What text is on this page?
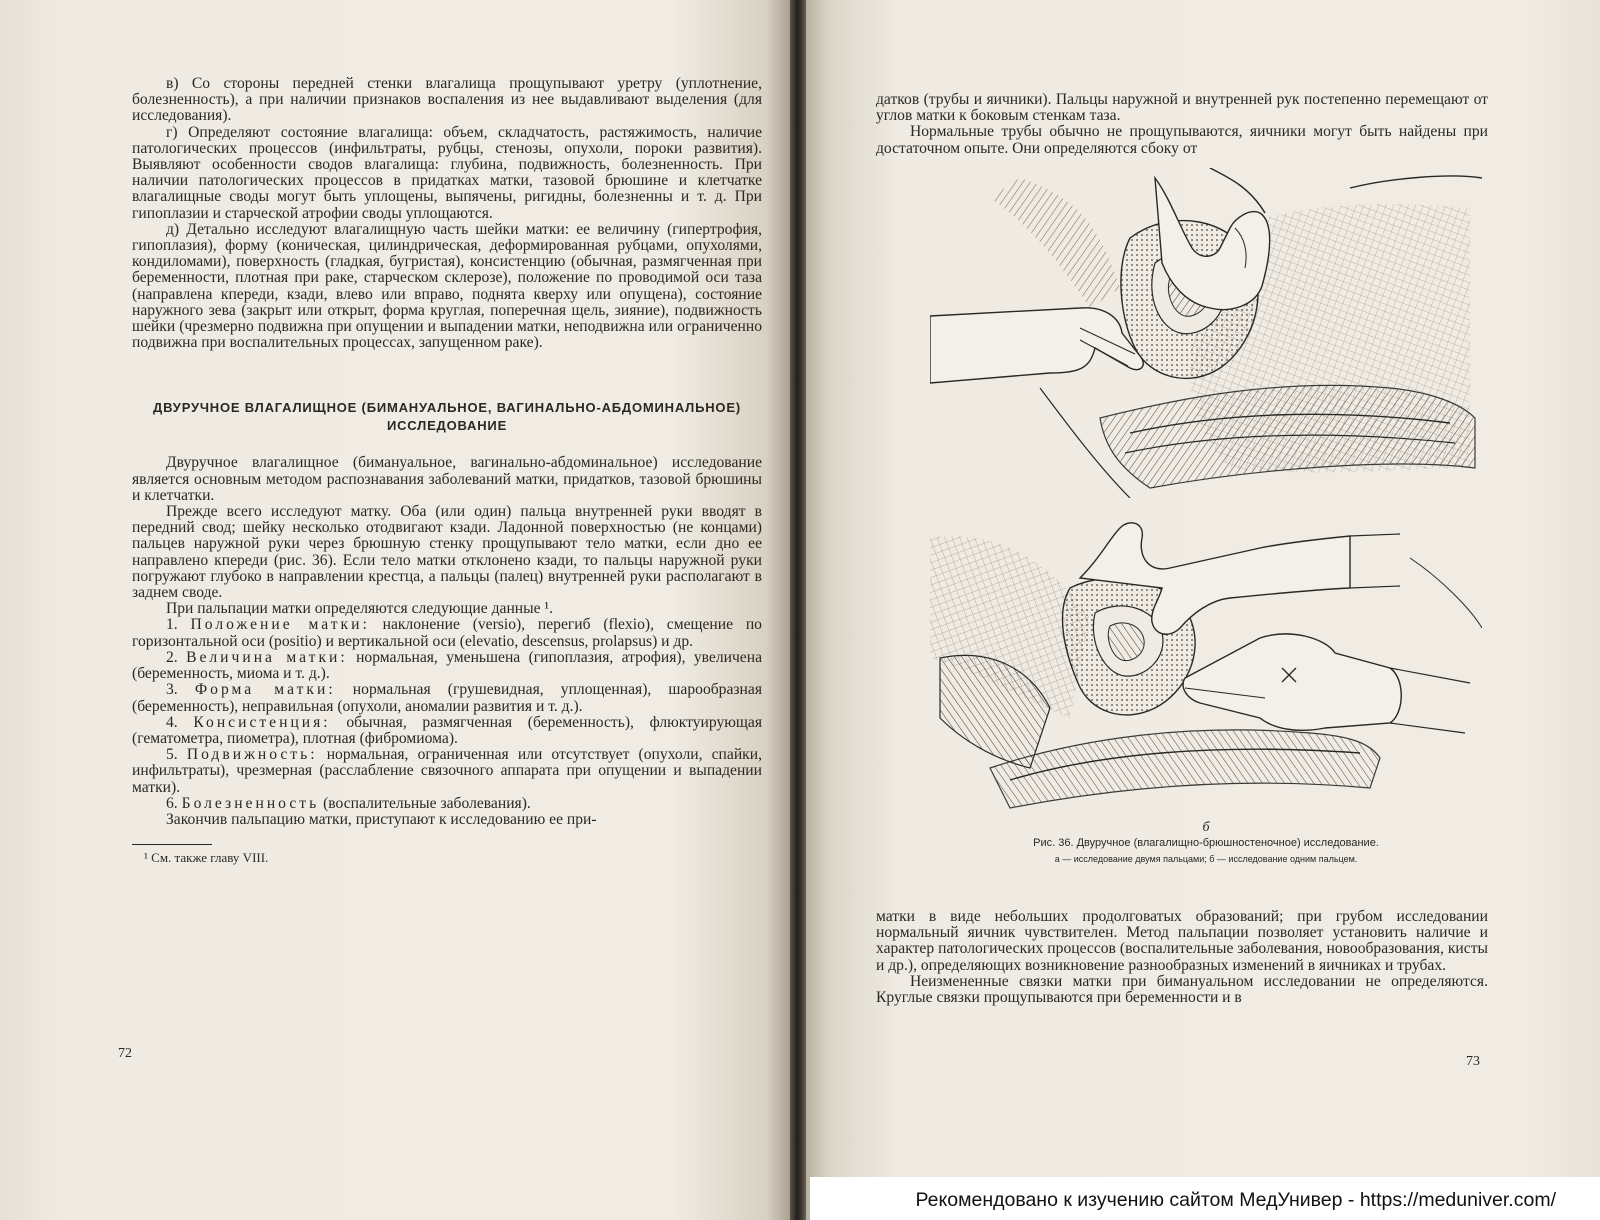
в) Со стороны передней стенки влагалища прощупывают уретру (уплотнение, болезненность), а при наличии признаков воспаления из нее выдавливают выделения (для исследования).

г) Определяют состояние влагалища: объем, складчатость, растяжимость, наличие патологических процессов (инфильтраты, рубцы, стенозы, опухоли, пороки развития). Выявляют особенности сводов влагалища: глубина, подвижность, болезненность. При наличии патологических процессов в придатках матки, тазовой брюшине и клетчатке влагалищные своды могут быть уплощены, выпячены, ригидны, болезненны и т. д. При гипоплазии и старческой атрофии своды уплощаются.

д) Детально исследуют влагалищную часть шейки матки: ее величину (гипертрофия, гипоплазия), форму (коническая, цилиндрическая, деформированная рубцами, опухолями, кондиломами), поверхность (гладкая, бугристая), консистенцию (обычная, размягченная при беременности, плотная при раке, старческом склерозе), положение по проводимой оси таза (направлена кпереди, кзади, влево или вправо, поднята кверху или опущена), состояние наружного зева (закрыт или открыт, форма круглая, поперечная щель, зияние), подвижность шейки (чрезмерно подвижна при опущении и выпадении матки, неподвижна или ограниченно подвижна при воспалительных процессах, запущенном раке).

ДВУРУЧНОЕ ВЛАГАЛИЩНОЕ (БИМАНУАЛЬНОЕ, ВАГИНАЛЬНО-АБДОМИНАЛЬНОЕ) ИССЛЕДОВАНИЕ

Двуручное влагалищное (бимануальное, вагинально-абдоминальное) исследование является основным методом распознавания заболеваний матки, придатков, тазовой брюшины и клетчатки.

Прежде всего исследуют матку. Оба (или один) пальца внутренней руки вводят в передний свод; шейку несколько отодвигают кзади. Ладонной поверхностью (не концами) пальцев наружной руки через брюшную стенку прощупывают тело матки, если дно ее направлено кпереди (рис. 36). Если тело матки отклонено кзади, то пальцы наружной руки погружают глубоко в направлении крестца, а пальцы (палец) внутренней руки располагают в заднем своде.

При пальпации матки определяются следующие данные ¹.

1. Положение матки: наклонение (versio), перегиб (flexio), смещение по горизонтальной оси (positio) и вертикальной оси (elevatio, descensus, prolapsus) и др.

2. Величина матки: нормальная, уменьшена (гипоплазия, атрофия), увеличена (беременность, миома и т. д.).

3. Форма матки: нормальная (грушевидная, уплощенная), шарообразная (беременность), неправильная (опухоли, аномалии развития и т. д.).

4. Консистенция: обычная, размягченная (беременность), флюктуирующая (гематометра, пиометра), плотная (фибромиома).

5. Подвижность: нормальная, ограниченная или отсутствует (опухоли, спайки, инфильтраты), чрезмерная (расслабление связочного аппарата при опущении и выпадении матки).

6. Болезненность (воспалительные заболевания).

Закончив пальпацию матки, приступают к исследованию ее при-

¹ См. также главу VIII.

72

датков (трубы и яичники). Пальцы наружной и внутренней рук постепенно перемещают от углов матки к боковым стенкам таза.

Нормальные трубы обычно не прощупываются, яичники могут быть найдены при достаточном опыте. Они определяются сбоку от

б
Рис. 36. Двуручное (влагалищно-брюшностеночное) исследование.
а — исследование двумя пальцами; б — исследование одним пальцем.

матки в виде небольших продолговатых образований; при грубом исследовании нормальный яичник чувствителен. Метод пальпации позволяет установить наличие и характер патологических процессов (воспалительные заболевания, новообразования, кисты и др.), определяющих возникновение разнообразных изменений в яичниках и трубах.

Неизмененные связки матки при бимануальном исследовании не определяются. Круглые связки прощупываются при беременности и в

73
Рекомендовано к изучению сайтом МедУнивер - https://meduniver.com/
